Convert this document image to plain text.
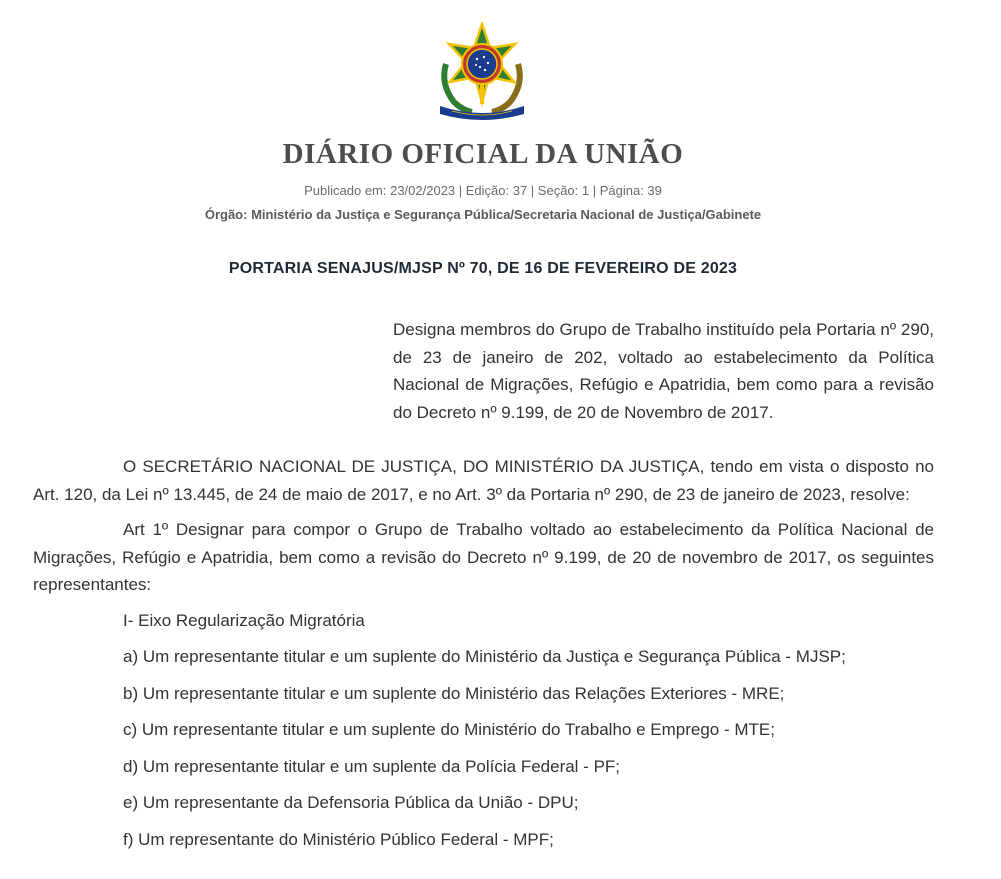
DIÁRIO OFICIAL DA UNIÃO
Publicado em: 23/02/2023 | Edição: 37 | Seção: 1 | Página: 39
Órgão: Ministério da Justiça e Segurança Pública/Secretaria Nacional de Justiça/Gabinete
PORTARIA SENAJUS/MJSP Nº 70, DE 16 DE FEVEREIRO DE 2023
Designa membros do Grupo de Trabalho instituído pela Portaria nº 290, de 23 de janeiro de 202, voltado ao estabelecimento da Política Nacional de Migrações, Refúgio e Apatridia, bem como para a revisão do Decreto nº 9.199, de 20 de Novembro de 2017.

O SECRETÁRIO NACIONAL DE JUSTIÇA, DO MINISTÉRIO DA JUSTIÇA, tendo em vista o disposto no Art. 120, da Lei nº 13.445, de 24 de maio de 2017, e no Art. 3º da Portaria nº 290, de 23 de janeiro de 2023, resolve:

Art 1º Designar para compor o Grupo de Trabalho voltado ao estabelecimento da Política Nacional de Migrações, Refúgio e Apatridia, bem como a revisão do Decreto nº 9.199, de 20 de novembro de 2017, os seguintes representantes:

I- Eixo Regularização Migratória
a) Um representante titular e um suplente do Ministério da Justiça e Segurança Pública - MJSP;
b) Um representante titular e um suplente do Ministério das Relações Exteriores - MRE;
c) Um representante titular e um suplente do Ministério do Trabalho e Emprego - MTE;
d) Um representante titular e um suplente da Polícia Federal - PF;
e) Um representante da Defensoria Pública da União - DPU;
f) Um representante do Ministério Público Federal - MPF;
